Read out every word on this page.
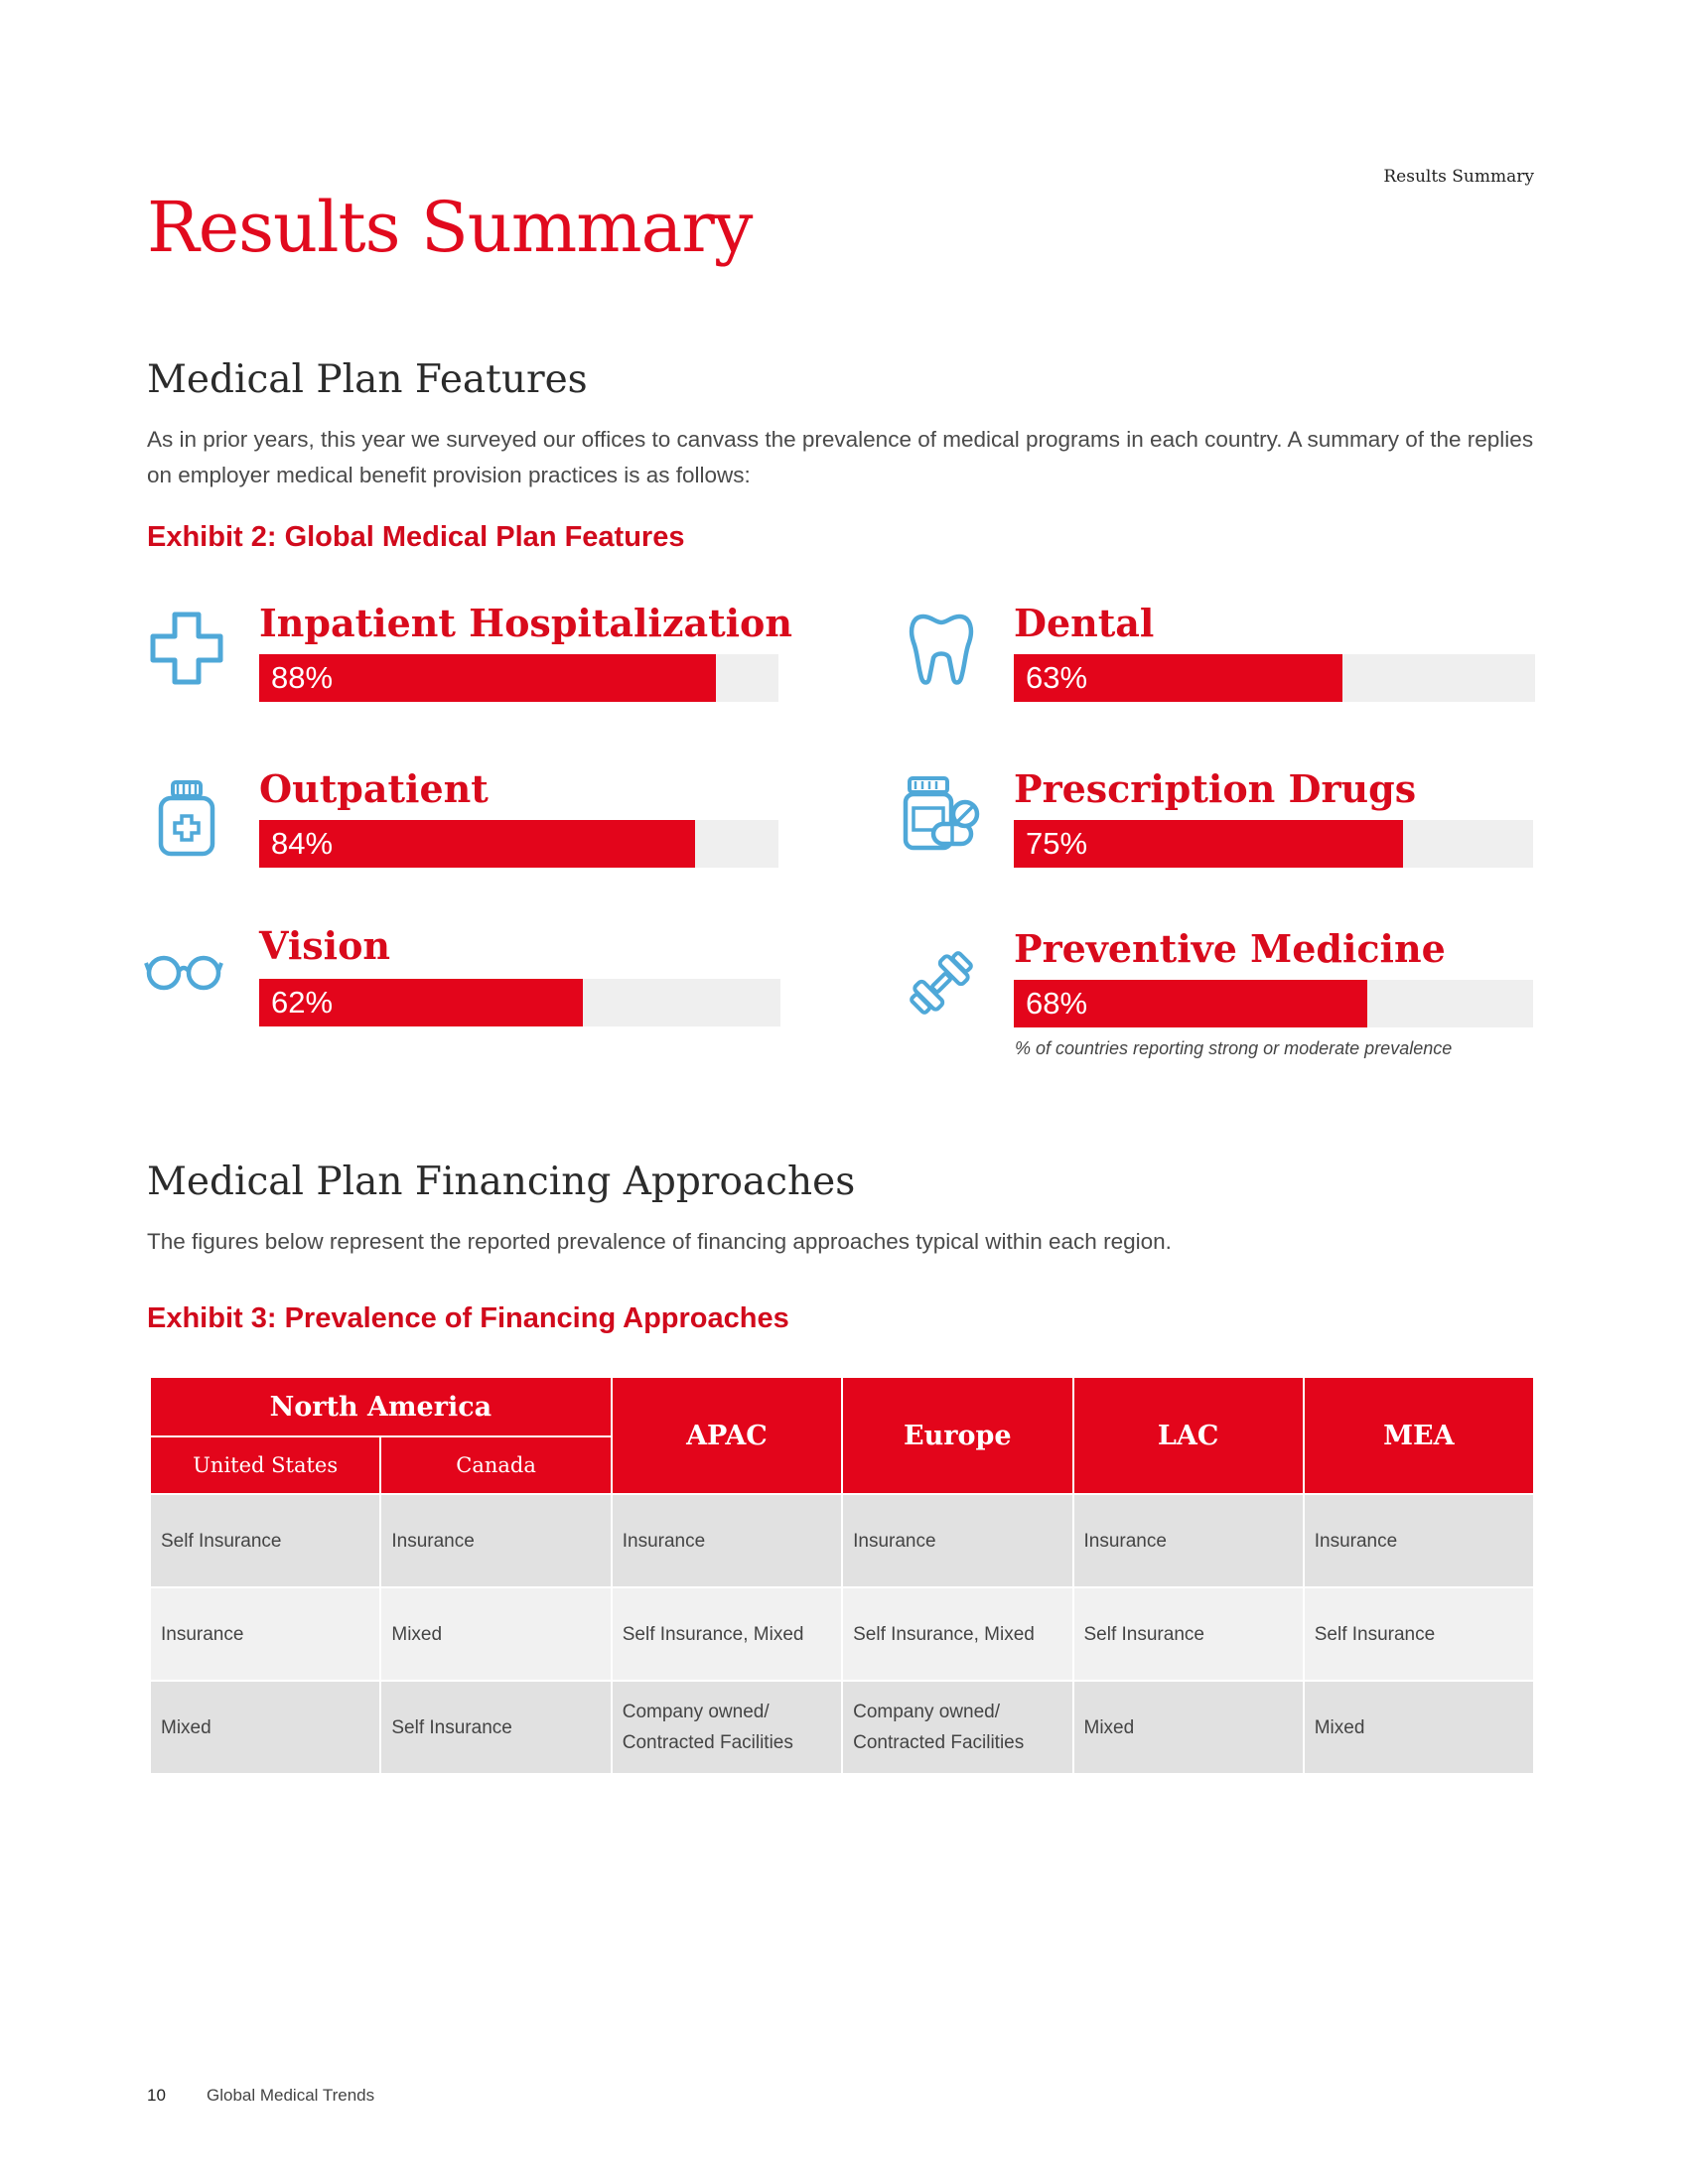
Results Summary
Results Summary
Medical Plan Features
As in prior years, this year we surveyed our offices to canvass the prevalence of medical programs in each country. A summary of the replies on employer medical benefit provision practices is as follows:
Exhibit 2: Global Medical Plan Features
Inpatient Hospitalization
88%
Dental
63%
Outpatient
84%
Prescription Drugs
75%
Vision
62%
Preventive Medicine
68%
% of countries reporting strong or moderate prevalence
Medical Plan Financing Approaches
The figures below represent the reported prevalence of financing approaches typical within each region.
Exhibit 3: Prevalence of Financing Approaches
North America		APAC	Europe	LAC	MEA
United States	Canada				
Self Insurance	Insurance	Insurance	Insurance	Insurance	Insurance
Insurance	Mixed	Self Insurance, Mixed	Self Insurance, Mixed	Self Insurance	Self Insurance
Mixed	Self Insurance	Company owned/ Contracted Facilities	Company owned/ Contracted Facilities	Mixed	Mixed
10 Global Medical Trends
